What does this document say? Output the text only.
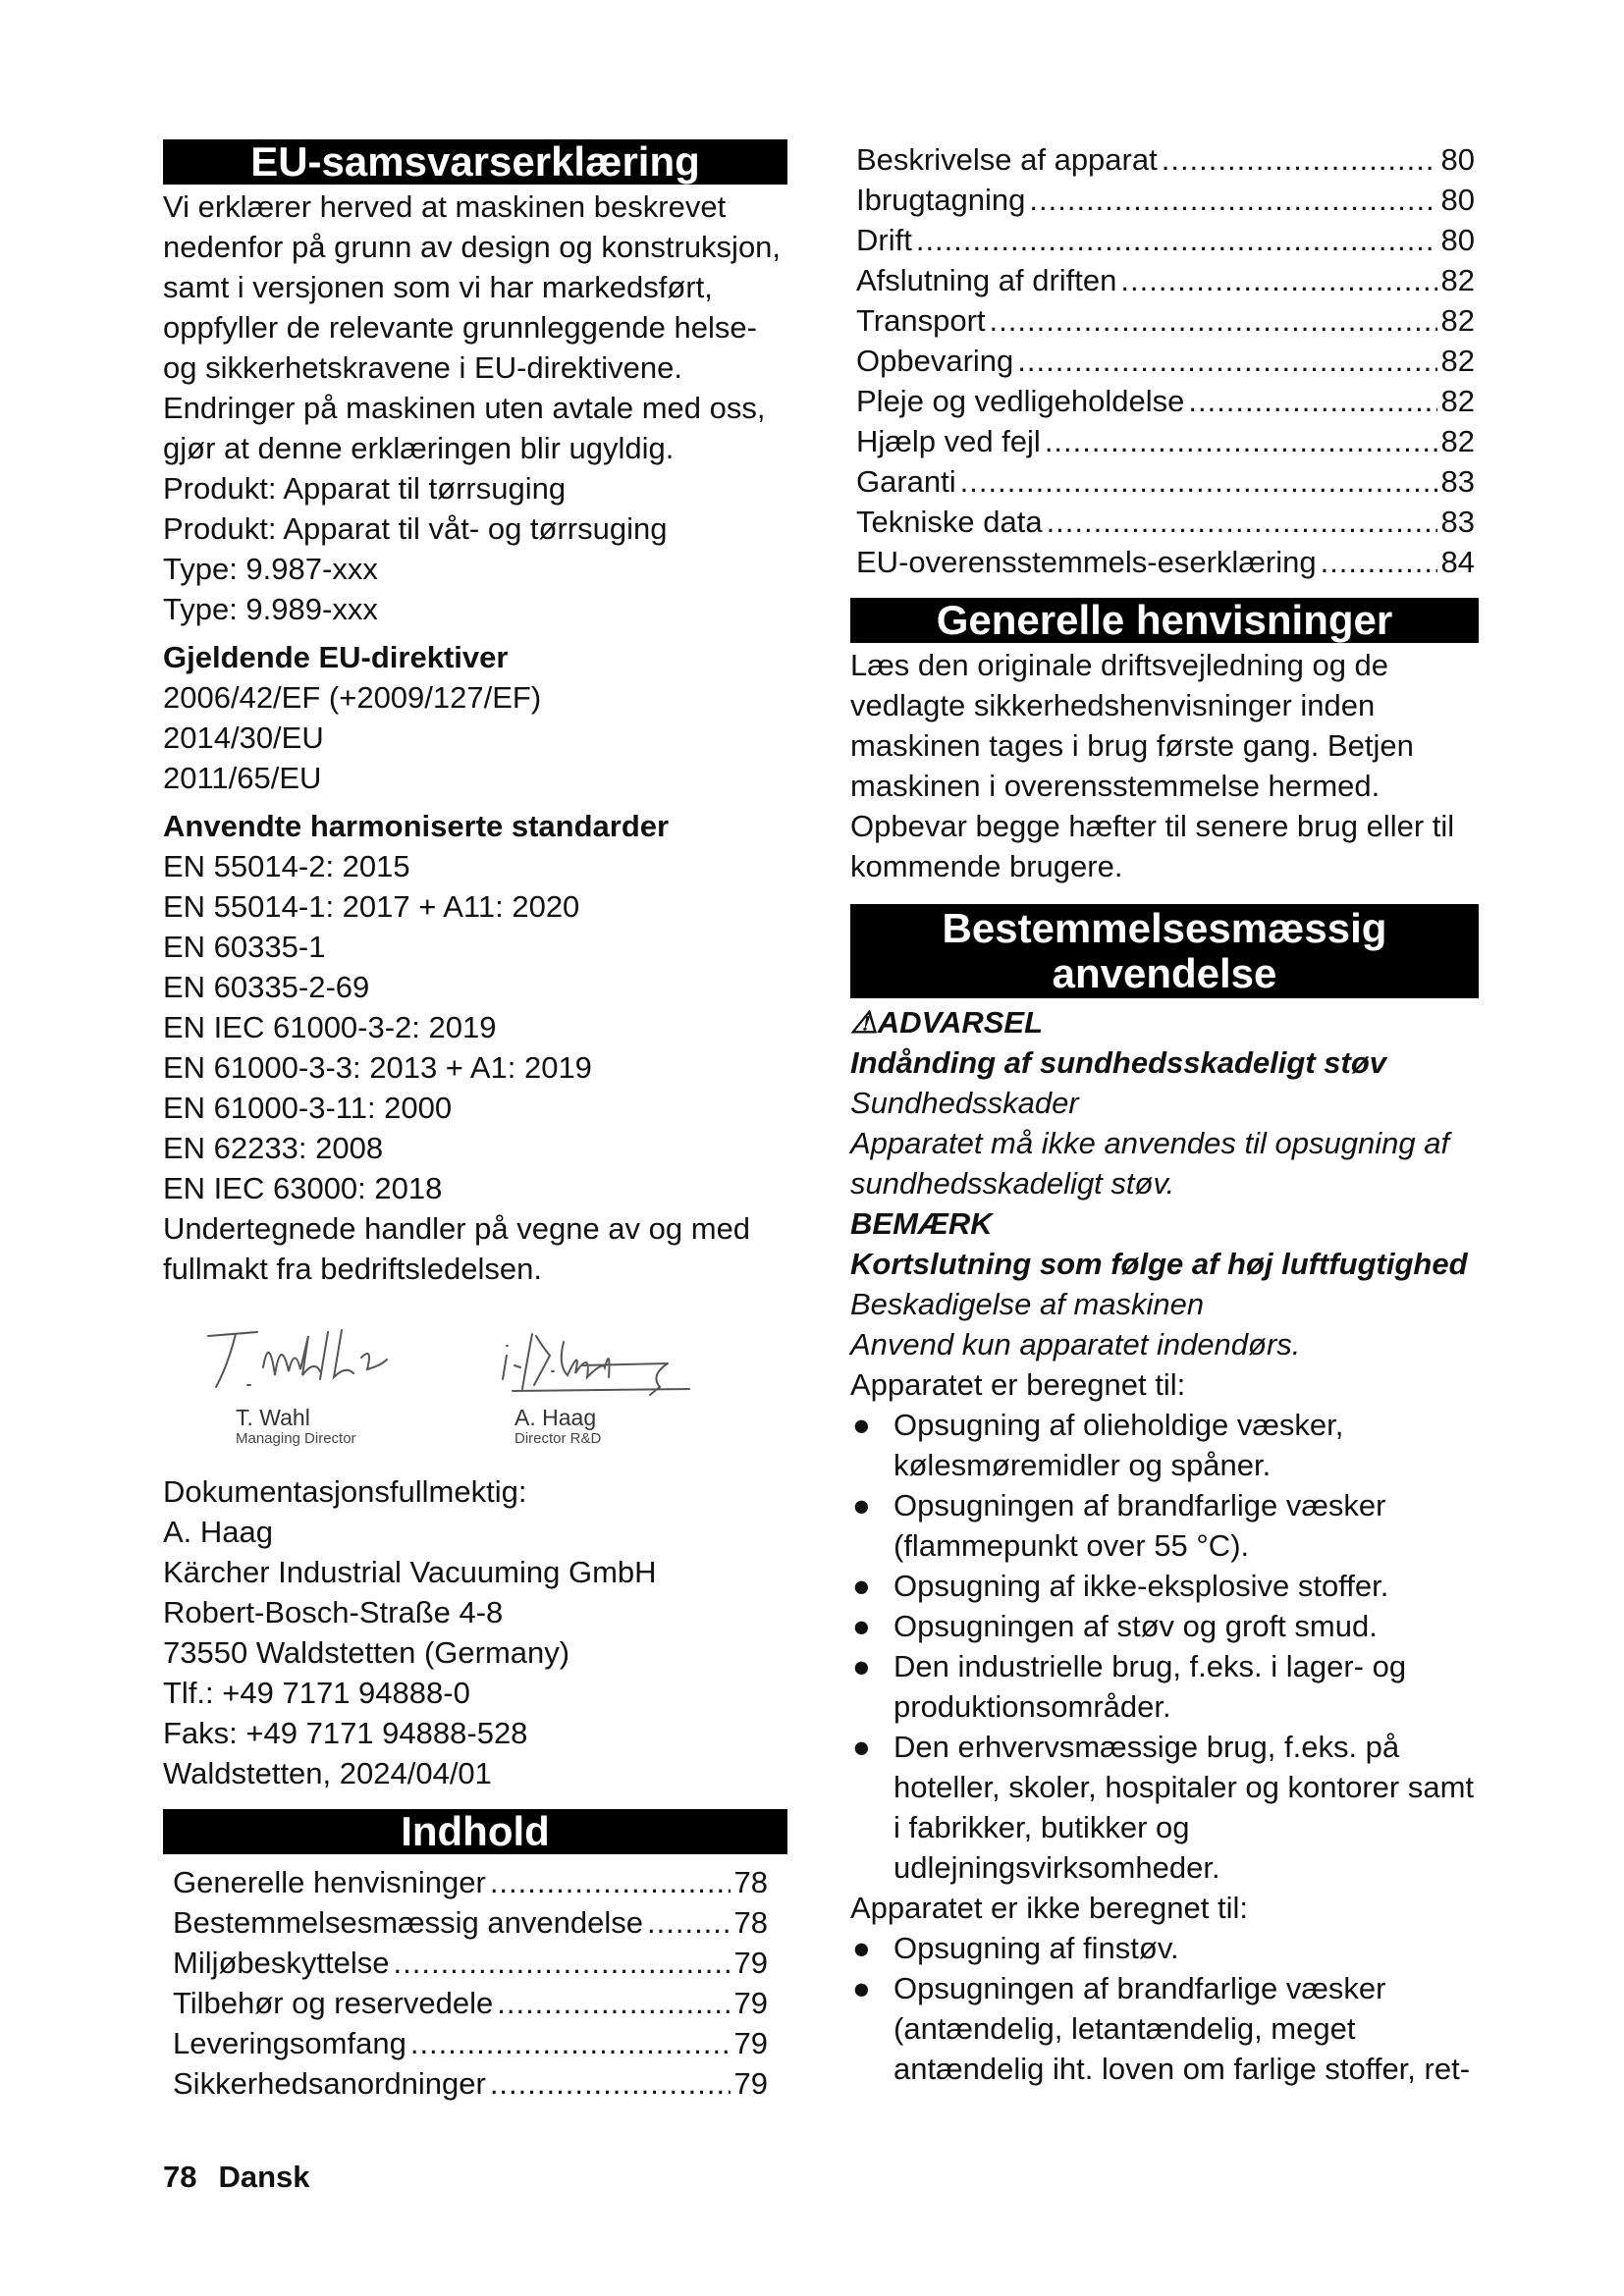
EU-samsvarserklæring
Vi erklærer herved at maskinen beskrevet nedenfor på grunn av design og konstruksjon, samt i versjonen som vi har markedsført, oppfyller de relevante grunnleggende helse- og sikkerhetskravene i EU-direktivene. Endringer på maskinen uten avtale med oss, gjør at denne erklæringen blir ugyldig.
Produkt: Apparat til tørrsuging
Produkt: Apparat til våt- og tørrsuging
Type: 9.987-xxx
Type: 9.989-xxx
Gjeldende EU-direktiver
2006/42/EF (+2009/127/EF)
2014/30/EU
2011/65/EU
Anvendte harmoniserte standarder
EN 55014-2: 2015
EN 55014-1: 2017 + A11: 2020
EN 60335-1
EN 60335-2-69
EN IEC 61000-3-2: 2019
EN 61000-3-3: 2013 + A1: 2019
EN 61000-3-11: 2000
EN 62233: 2008
EN IEC 63000: 2018
Undertegnede handler på vegne av og med fullmakt fra bedriftsledelsen.
T. Wahl
Managing Director
A. Haag
Director R&D
Dokumentasjonsfullmektig:
A. Haag
Kärcher Industrial Vacuuming GmbH
Robert-Bosch-Straße 4-8
73550 Waldstetten (Germany)
Tlf.: +49 7171 94888-0
Faks: +49 7171 94888-528
Waldstetten, 2024/04/01
Indhold
Generelle henvisninger .....	78
Bestemmelsesmæssig anvendelse .....	78
Miljøbeskyttelse .....	79
Tilbehør og reservedele .....	79
Leveringsomfang .....	79
Sikkerhedsanordninger .....	79
Beskrivelse af apparat .....	80
Ibrugtagning .....	80
Drift .....	80
Afslutning af driften .....	82
Transport .....	82
Opbevaring .....	82
Pleje og vedligeholdelse .....	82
Hjælp ved fejl .....	82
Garanti .....	83
Tekniske data .....	83
EU-overensstemmels-eserklæring .....	84
Generelle henvisninger
Læs den originale driftsvejledning og de vedlagte sikkerhedshenvisninger inden maskinen tages i brug første gang. Betjen maskinen i overensstemmelse hermed. Opbevar begge hæfter til senere brug eller til kommende brugere.
Bestemmelsesmæssig
anvendelse
⚠ADVARSEL
Indånding af sundhedsskadeligt støv
Sundhedsskader
Apparatet må ikke anvendes til opsugning af sundhedsskadeligt støv.
BEMÆRK
Kortslutning som følge af høj luftfugtighed
Beskadigelse af maskinen
Anvend kun apparatet indendørs.
Apparatet er beregnet til:
● Opsugning af olieholdige væsker, kølesmøremidler og spåner.
● Opsugningen af brandfarlige væsker (flammepunkt over 55 °C).
● Opsugning af ikke-eksplosive stoffer.
● Opsugningen af støv og groft smud.
● Den industrielle brug, f.eks. i lager- og produktionsområder.
● Den erhvervsmæssige brug, f.eks. på hoteller, skoler, hospitaler og kontorer samt i fabrikker, butikker og udlejningsvirksomheder.
Apparatet er ikke beregnet til:
● Opsugning af finstøv.
● Opsugningen af brandfarlige væsker (antændelig, letantændelig, meget antændelig iht. loven om farlige stoffer, ret-
78 Dansk
